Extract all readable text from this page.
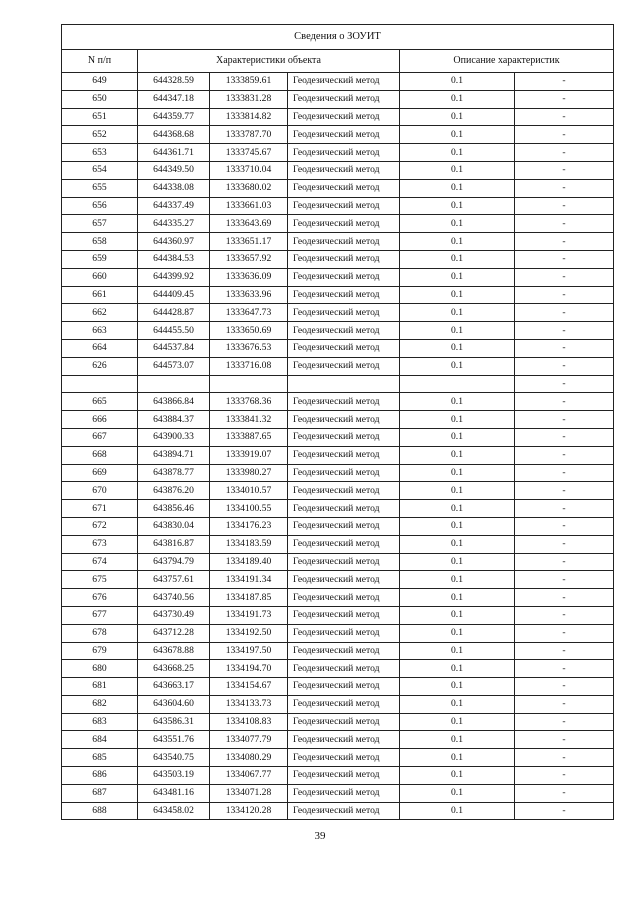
Сведения о ЗОУИТ					
N п/п	Характеристики объекта			Описание характеристик	
649	644328.59	1333859.61	Геодезический метод	0.1	-
650	644347.18	1333831.28	Геодезический метод	0.1	-
651	644359.77	1333814.82	Геодезический метод	0.1	-
652	644368.68	1333787.70	Геодезический метод	0.1	-
653	644361.71	1333745.67	Геодезический метод	0.1	-
654	644349.50	1333710.04	Геодезический метод	0.1	-
655	644338.08	1333680.02	Геодезический метод	0.1	-
656	644337.49	1333661.03	Геодезический метод	0.1	-
657	644335.27	1333643.69	Геодезический метод	0.1	-
658	644360.97	1333651.17	Геодезический метод	0.1	-
659	644384.53	1333657.92	Геодезический метод	0.1	-
660	644399.92	1333636.09	Геодезический метод	0.1	-
661	644409.45	1333633.96	Геодезический метод	0.1	-
662	644428.87	1333647.73	Геодезический метод	0.1	-
663	644455.50	1333650.69	Геодезический метод	0.1	-
664	644537.84	1333676.53	Геодезический метод	0.1	-
626	644573.07	1333716.08	Геодезический метод	0.1	-
					-
665	643866.84	1333768.36	Геодезический метод	0.1	-
666	643884.37	1333841.32	Геодезический метод	0.1	-
667	643900.33	1333887.65	Геодезический метод	0.1	-
668	643894.71	1333919.07	Геодезический метод	0.1	-
669	643878.77	1333980.27	Геодезический метод	0.1	-
670	643876.20	1334010.57	Геодезический метод	0.1	-
671	643856.46	1334100.55	Геодезический метод	0.1	-
672	643830.04	1334176.23	Геодезический метод	0.1	-
673	643816.87	1334183.59	Геодезический метод	0.1	-
674	643794.79	1334189.40	Геодезический метод	0.1	-
675	643757.61	1334191.34	Геодезический метод	0.1	-
676	643740.56	1334187.85	Геодезический метод	0.1	-
677	643730.49	1334191.73	Геодезический метод	0.1	-
678	643712.28	1334192.50	Геодезический метод	0.1	-
679	643678.88	1334197.50	Геодезический метод	0.1	-
680	643668.25	1334194.70	Геодезический метод	0.1	-
681	643663.17	1334154.67	Геодезический метод	0.1	-
682	643604.60	1334133.73	Геодезический метод	0.1	-
683	643586.31	1334108.83	Геодезический метод	0.1	-
684	643551.76	1334077.79	Геодезический метод	0.1	-
685	643540.75	1334080.29	Геодезический метод	0.1	-
686	643503.19	1334067.77	Геодезический метод	0.1	-
687	643481.16	1334071.28	Геодезический метод	0.1	-
688	643458.02	1334120.28	Геодезический метод	0.1	-
39
